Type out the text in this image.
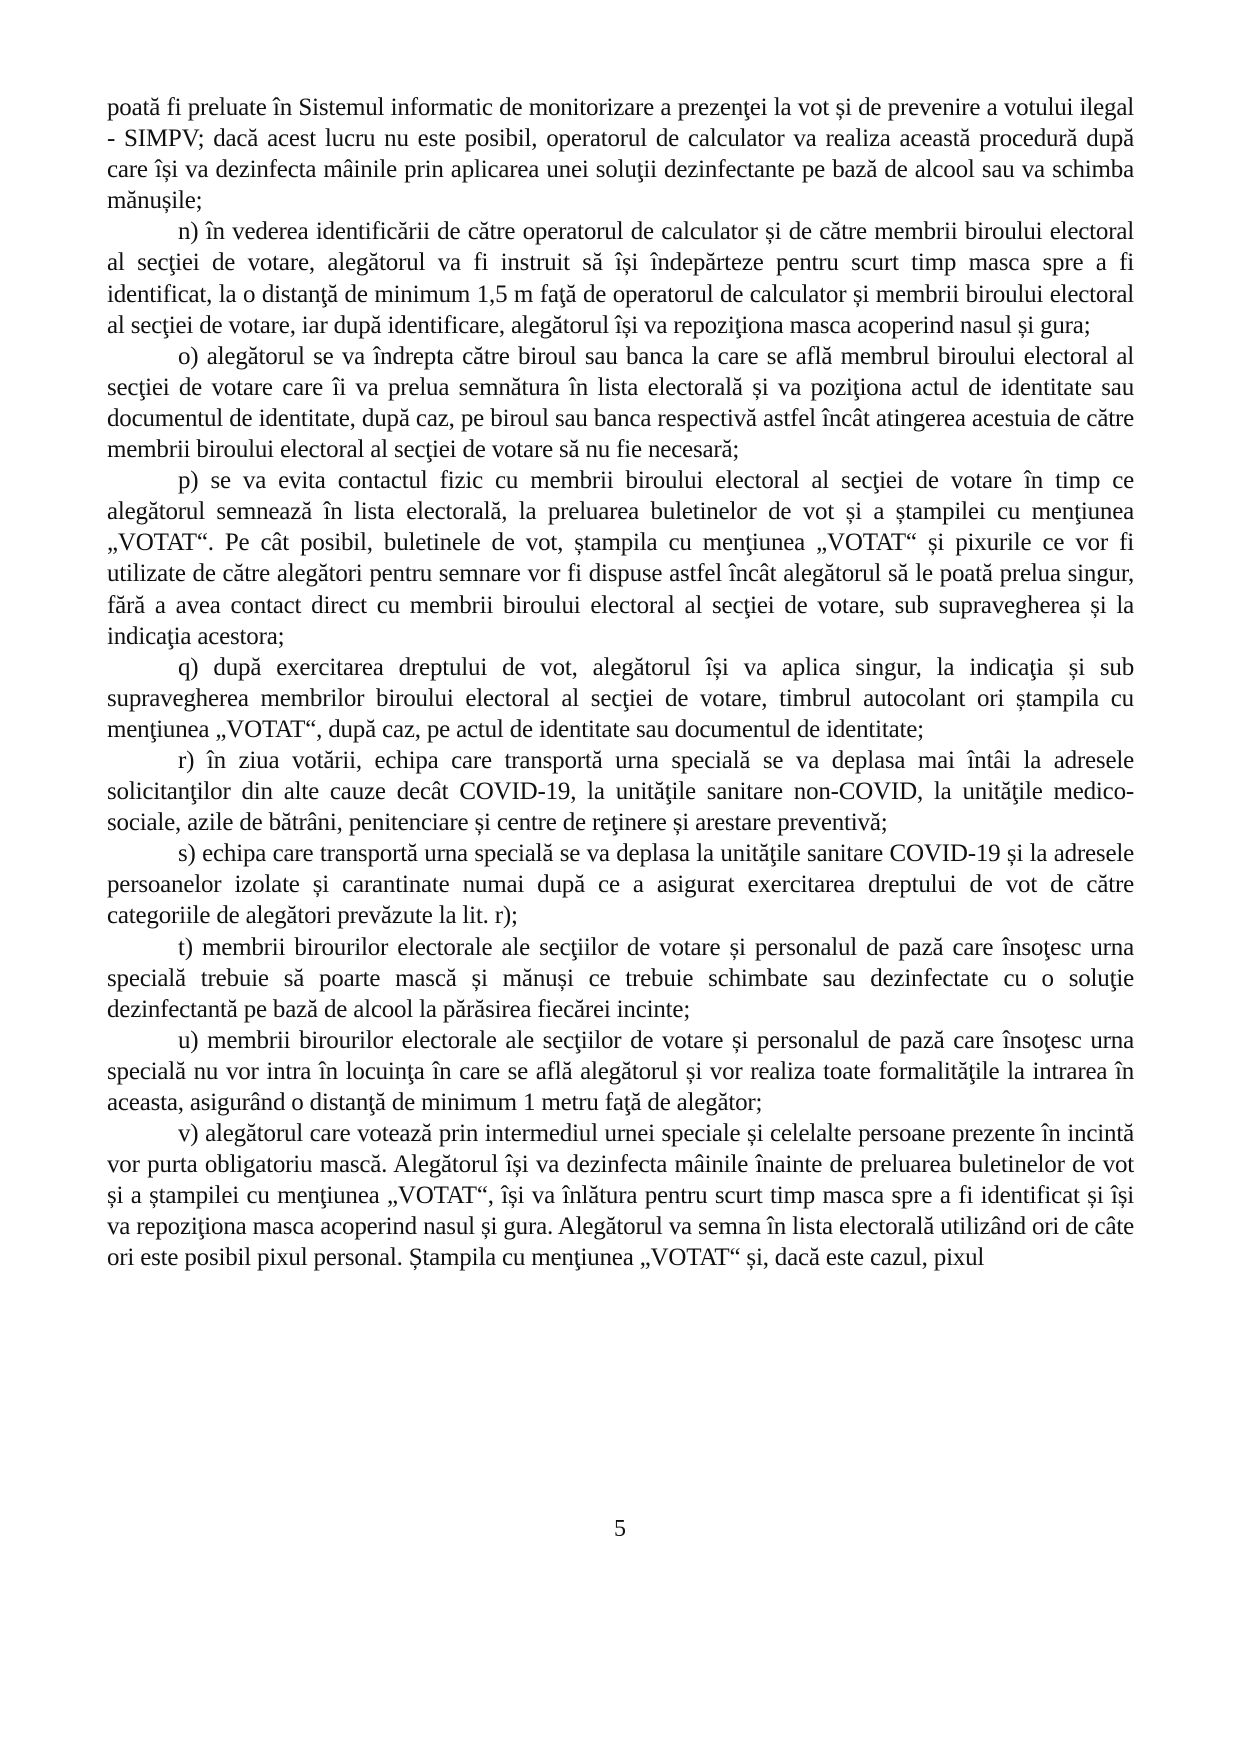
poată fi preluate în Sistemul informatic de monitorizare a prezenţei la vot și de prevenire a votului ilegal - SIMPV; dacă acest lucru nu este posibil, operatorul de calculator va realiza această procedură după care își va dezinfecta mâinile prin aplicarea unei soluţii dezinfectante pe bază de alcool sau va schimba mănușile;

n) în vederea identificării de către operatorul de calculator și de către membrii biroului electoral al secţiei de votare, alegătorul va fi instruit să își îndepărteze pentru scurt timp masca spre a fi identificat, la o distanţă de minimum 1,5 m faţă de operatorul de calculator și membrii biroului electoral al secţiei de votare, iar după identificare, alegătorul își va repoziţiona masca acoperind nasul și gura;

o) alegătorul se va îndrepta către biroul sau banca la care se află membrul biroului electoral al secţiei de votare care îi va prelua semnătura în lista electorală și va poziţiona actul de identitate sau documentul de identitate, după caz, pe biroul sau banca respectivă astfel încât atingerea acestuia de către membrii biroului electoral al secţiei de votare să nu fie necesară;

p) se va evita contactul fizic cu membrii biroului electoral al secţiei de votare în timp ce alegătorul semnează în lista electorală, la preluarea buletinelor de vot și a ștampilei cu menţiunea „VOTAT“. Pe cât posibil, buletinele de vot, ștampila cu menţiunea „VOTAT“ și pixurile ce vor fi utilizate de către alegători pentru semnare vor fi dispuse astfel încât alegătorul să le poată prelua singur, fără a avea contact direct cu membrii biroului electoral al secţiei de votare, sub supravegherea și la indicaţia acestora;

q) după exercitarea dreptului de vot, alegătorul își va aplica singur, la indicaţia și sub supravegherea membrilor biroului electoral al secţiei de votare, timbrul autocolant ori ștampila cu menţiunea „VOTAT“, după caz, pe actul de identitate sau documentul de identitate;

r) în ziua votării, echipa care transportă urna specială se va deplasa mai întâi la adresele solicitanţilor din alte cauze decât COVID-19, la unităţile sanitare non-COVID, la unităţile medico-sociale, azile de bătrâni, penitenciare și centre de reţinere și arestare preventivă;

s) echipa care transportă urna specială se va deplasa la unităţile sanitare COVID-19 și la adresele persoanelor izolate și carantinate numai după ce a asigurat exercitarea dreptului de vot de către categoriile de alegători prevăzute la lit. r);

t) membrii birourilor electorale ale secţiilor de votare și personalul de pază care însoţesc urna specială trebuie să poarte mască și mănuși ce trebuie schimbate sau dezinfectate cu o soluţie dezinfectantă pe bază de alcool la părăsirea fiecărei incinte;

u) membrii birourilor electorale ale secţiilor de votare și personalul de pază care însoţesc urna specială nu vor intra în locuinţa în care se află alegătorul și vor realiza toate formalităţile la intrarea în aceasta, asigurând o distanţă de minimum 1 metru faţă de alegător;

v) alegătorul care votează prin intermediul urnei speciale și celelalte persoane prezente în incintă vor purta obligatoriu mască. Alegătorul își va dezinfecta mâinile înainte de preluarea buletinelor de vot și a ștampilei cu menţiunea „VOTAT“, își va înlătura pentru scurt timp masca spre a fi identificat și își va repoziţiona masca acoperind nasul și gura. Alegătorul va semna în lista electorală utilizând ori de câte ori este posibil pixul personal. Ștampila cu menţiunea „VOTAT“ și, dacă este cazul, pixul

5
